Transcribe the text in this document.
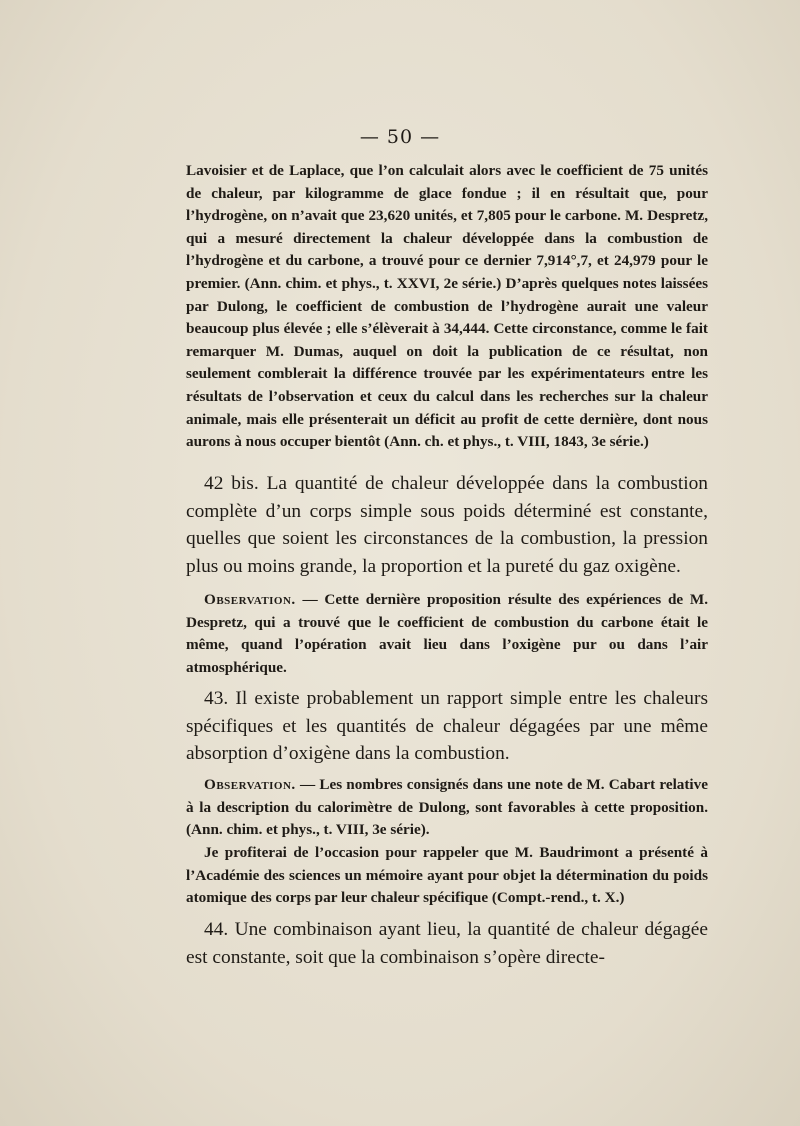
— 50 —

Lavoisier et de Laplace, que l’on calculait alors avec le coefficient de 75 unités de chaleur, par kilogramme de glace fondue ; il en résultait que, pour l’hydrogène, on n’avait que 23,620 unités, et 7,805 pour le carbone. M. Despretz, qui a mesuré directement la chaleur développée dans la combustion de l’hydrogène et du carbone, a trouvé pour ce dernier 7,914°,7, et 24,979 pour le premier. (Ann. chim. et phys., t. XXVI, 2e série.) D’après quelques notes laissées par Dulong, le coefficient de combustion de l’hydrogène aurait une valeur beaucoup plus élevée ; elle s’élèverait à 34,444. Cette circonstance, comme le fait remarquer M. Dumas, auquel on doit la publication de ce résultat, non seulement comblerait la différence trouvée par les expérimentateurs entre les résultats de l’observation et ceux du calcul dans les recherches sur la chaleur animale, mais elle présenterait un déficit au profit de cette dernière, dont nous aurons à nous occuper bientôt (Ann. ch. et phys., t. VIII, 1843, 3e série.)

42 bis. La quantité de chaleur développée dans la combustion complète d’un corps simple sous poids déterminé est constante, quelles que soient les circonstances de la combustion, la pression plus ou moins grande, la proportion et la pureté du gaz oxigène.

Observation. — Cette dernière proposition résulte des expériences de M. Despretz, qui a trouvé que le coefficient de combustion du carbone était le même, quand l’opération avait lieu dans l’oxigène pur ou dans l’air atmosphérique.

43. Il existe probablement un rapport simple entre les chaleurs spécifiques et les quantités de chaleur dégagées par une même absorption d’oxigène dans la combustion.

Observation. — Les nombres consignés dans une note de M. Cabart relative à la description du calorimètre de Dulong, sont favorables à cette proposition. (Ann. chim. et phys., t. VIII, 3e série).

Je profiterai de l’occasion pour rappeler que M. Baudrimont a présenté à l’Académie des sciences un mémoire ayant pour objet la détermination du poids atomique des corps par leur chaleur spécifique (Compt.-rend., t. X.)

44. Une combinaison ayant lieu, la quantité de chaleur dégagée est constante, soit que la combinaison s’opère directe-
